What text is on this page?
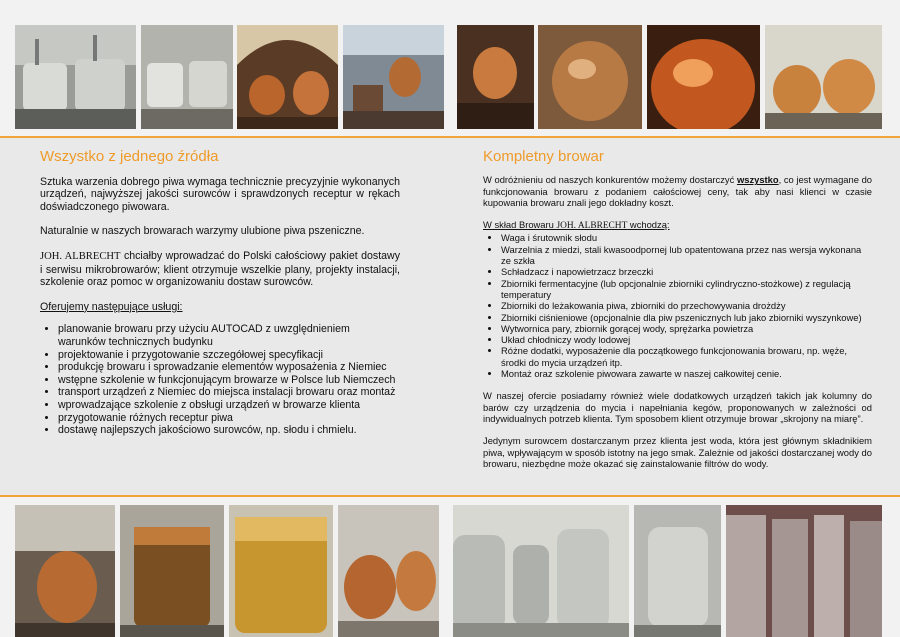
Wszystko z jednego źródła

Sztuka warzenia dobrego piwa wymaga technicznie precyzyjnie wykonanych urządzeń, najwyższej jakości surowców i sprawdzonych receptur w rękach doświadczonego piwowara.

Naturalnie w naszych browarach warzymy ulubione piwa pszeniczne.

JOH. ALBRECHT chciałby wprowadzać do Polski całościowy pakiet dostawy i serwisu mikrobrowarów; klient otrzymuje wszelkie plany, projekty instalacji, szkolenie oraz pomoc w organizowaniu dostaw surowców.

Oferujemy następujące usługi:
• planowanie browaru przy użyciu AUTOCAD z uwzględnieniem warunków technicznych budynku
• projektowanie i przygotowanie szczegółowej specyfikacji
• produkcję browaru i sprowadzanie elementów wyposażenia z Niemiec
• wstępne szkolenie w funkcjonującym browarze w Polsce lub Niemczech
• transport urządzeń z Niemiec do miejsca instalacji browaru oraz montaż
• wprowadzające szkolenie z obsługi urządzeń w browarze klienta
• przygotowanie różnych receptur piwa
• dostawę najlepszych jakościowo surowców, np. słodu i chmielu.
Kompletny browar

W odróżnieniu od naszych konkurentów możemy dostarczyć wszystko, co jest wymagane do funkcjonowania browaru z podaniem całościowej ceny, tak aby nasi klienci w czasie kupowania browaru znali jego dokładny koszt.

W skład Browaru JOH. ALBRECHT wchodzą:
• Waga i śrutownik słodu
• Warzelnia z miedzi, stali kwasoodpornej lub opatentowana przez nas wersja wykonana ze szkła
• Schładzacz i napowietrzacz brzeczki
• Zbiorniki fermentacyjne (lub opcjonalnie zbiorniki cylindryczno-stożkowe) z regulacją temperatury
• Zbiorniki do leżakowania piwa, zbiorniki do przechowywania drożdży
• Zbiorniki ciśnieniowe (opcjonalnie dla piw pszenicznych lub jako zbiorniki wyszynkowe)
• Wytwornica pary, zbiornik gorącej wody, sprężarka powietrza
• Układ chłodniczy wody lodowej
• Różne dodatki, wyposażenie dla początkowego funkcjonowania browaru, np. węże, środki do mycia urządzeń itp.
• Montaż oraz szkolenie piwowara zawarte w naszej całkowitej cenie.

W naszej ofercie posiadamy również wiele dodatkowych urządzeń takich jak kolumny do barów czy urządzenia do mycia i napełniania kegów, proponowanych w zależności od indywidualnych potrzeb klienta. Tym sposobem klient otrzymuje browar „skrojony na miarę”.

Jedynym surowcem dostarczanym przez klienta jest woda, która jest głównym składnikiem piwa, wpływającym w sposób istotny na jego smak. Zależnie od jakości dostarczanej wody do browaru, niezbędne może okazać się zainstalowanie filtrów do wody.
